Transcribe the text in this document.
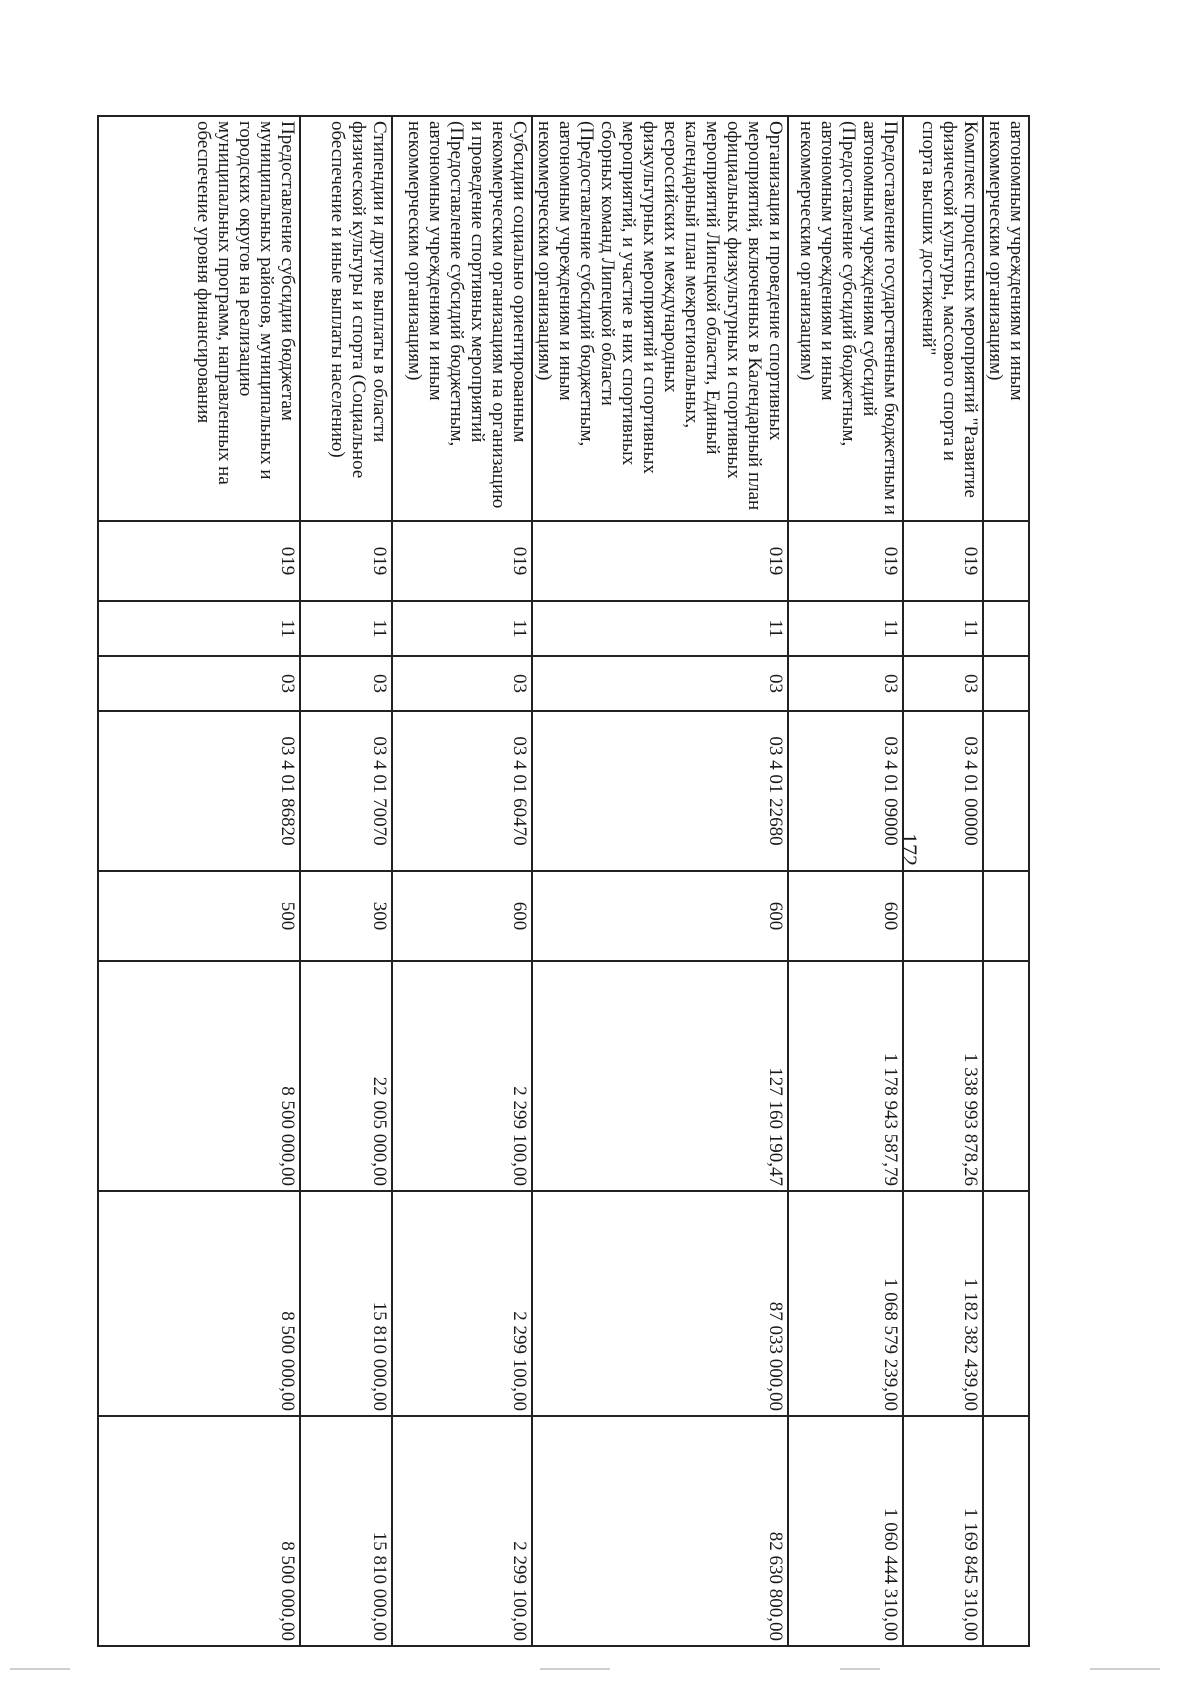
172
автономным учреждениям и иным некоммерческим организациям)								
Комплекс процессных мероприятий "Развитие физической культуры, массового спорта и спорта высших достижений"	019	11	03	03 4 01 00000		1 338 993 878,26	1 182 382 439,00	1 169 845 310,00
Предоставление государственным бюджетным и автономным учреждениям субсидий (Предоставление субсидий бюджетным, автономным учреждениям и иным некоммерческим организациям)	019	11	03	03 4 01 09000	600	1 178 943 587,79	1 068 579 239,00	1 060 444 310,00
Организация и проведение спортивных мероприятий, включенных в Календарный план официальных физкультурных и спортивных мероприятий Липецкой области, Единый календарный план межрегиональных, всероссийских и международных физкультурных мероприятий и спортивных мероприятий, и участие в них спортивных сборных команд Липецкой области (Предоставление субсидий бюджетным, автономным учреждениям и иным некоммерческим организациям)	019	11	03	03 4 01 22680	600	127 160 190,47	87 033 000,00	82 630 800,00
Субсидии социально ориентированным некоммерческим организациям на организацию и проведение спортивных мероприятий (Предоставление субсидий бюджетным, автономным учреждениям и иным некоммерческим организациям)	019	11	03	03 4 01 60470	600	2 299 100,00	2 299 100,00	2 299 100,00
Стипендии и другие выплаты в области физической культуры и спорта (Социальное обеспечение и иные выплаты населению)	019	11	03	03 4 01 70070	300	22 005 000,00	15 810 000,00	15 810 000,00
Предоставление субсидии бюджетам муниципальных районов, муниципальных и городских округов на реализацию муниципальных программ, направленных на обеспечение уровня финансирования	019	11	03	03 4 01 86820	500	8 500 000,00	8 500 000,00	8 500 000,00
